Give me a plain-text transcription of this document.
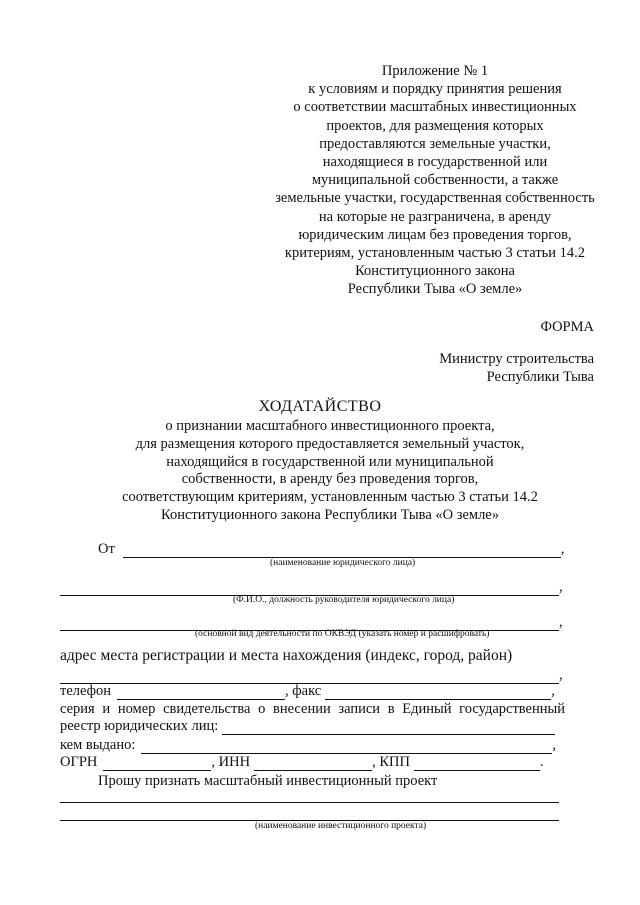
Приложение № 1
к условиям и порядку принятия решения
о соответствии масштабных инвестиционных
проектов, для размещения которых
предоставляются земельные участки,
находящиеся в государственной или
муниципальной собственности, а также
земельные участки, государственная собственность
на которые не разграничена, в аренду
юридическим лицам без проведения торгов,
критериям, установленным частью 3 статьи 14.2
Конституционного закона
Республики Тыва «О земле»
ФОРМА
Министру строительства
Республики Тыва
ХОДАТАЙСТВО
о признании масштабного инвестиционного проекта,
для размещения которого предоставляется земельный участок,
находящийся в государственной или муниципальной
собственности, в аренду без проведения торгов,
соответствующим критериям, установленным частью 3 статьи 14.2
Конституционного закона Республики Тыва «О земле»
От	,
(наименование юридического лица)
,
(Ф.И.О., должность руководителя юридического лица)
,
(основной вид деятельности по ОКВЭД (указать номер и расшифровать)
адрес места регистрации и места нахождения (индекс, город, район)
,
телефон	, факс	,
серия и номер свидетельства о внесении записи в Единый государственный
реестр юридических лиц:
кем выдано:	,
ОГРН	, ИНН	, КПП	.
Прошу признать масштабный инвестиционный проект
(наименование инвестиционного проекта)
